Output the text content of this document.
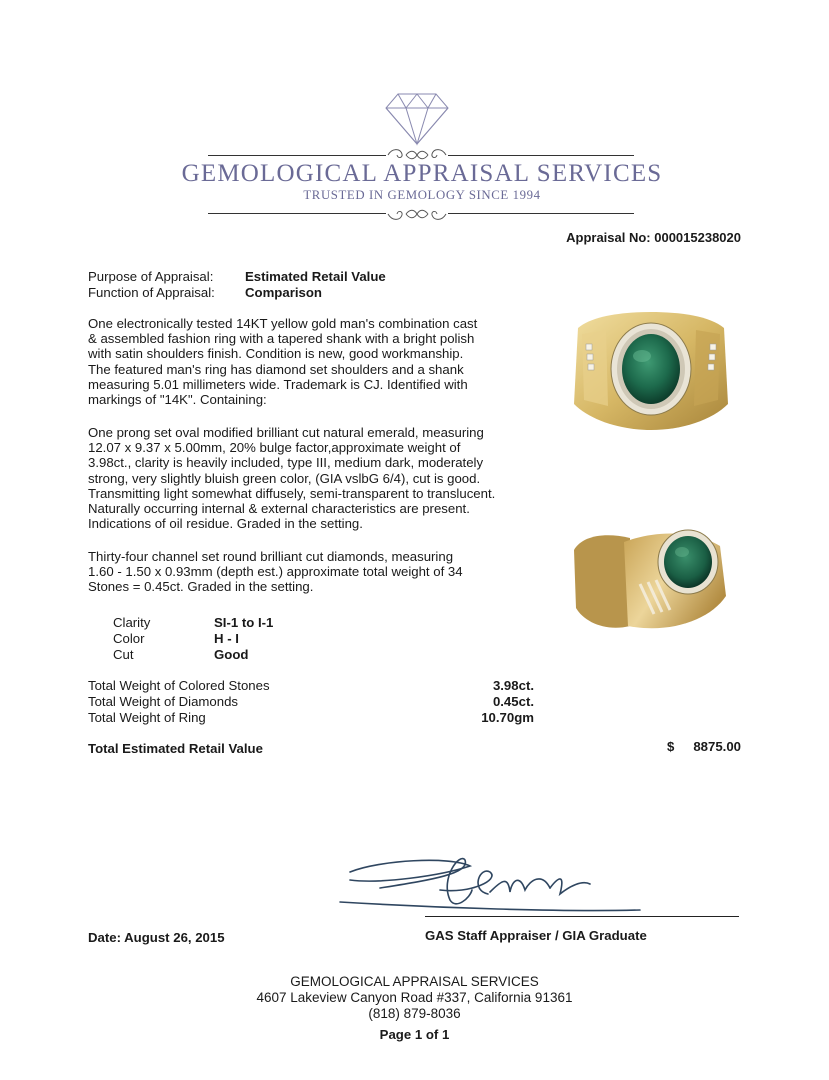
GEMOLOGICAL APPRAISAL SERVICES
TRUSTED IN GEMOLOGY SINCE 1994
Appraisal No: 000015238020
Purpose of Appraisal: Estimated Retail Value
Function of Appraisal: Comparison
One electronically tested 14KT yellow gold man's combination cast
& assembled fashion ring with a tapered shank with a bright polish
with satin shoulders finish. Condition is new, good workmanship.
The featured man's ring has diamond set shoulders and a shank
measuring 5.01 millimeters wide. Trademark is CJ. Identified with
markings of "14K". Containing:
One prong set oval modified brilliant cut natural emerald, measuring
12.07 x 9.37 x 5.00mm, 20% bulge factor,approximate weight of
3.98ct., clarity is heavily included, type III, medium dark, moderately
strong, very slightly bluish green color, (GIA vslbG 6/4), cut is good.
Transmitting light somewhat diffusely, semi-transparent to translucent.
Naturally occurring internal & external characteristics are present.
Indications of oil residue. Graded in the setting.
Thirty-four channel set round brilliant cut diamonds, measuring
1.60 - 1.50 x 0.93mm (depth est.) approximate total weight of 34
Stones = 0.45ct. Graded in the setting.
Clarity	SI-1 to I-1
Color	H - I
Cut	Good
Total Weight of Colored Stones	3.98ct.
Total Weight of Diamonds	0.45ct.
Total Weight of Ring	10.70gm
Total Estimated Retail Value	$ 8875.00
Date: August 26, 2015	GAS Staff Appraiser / GIA Graduate
GEMOLOGICAL APPRAISAL SERVICES
4607 Lakeview Canyon Road #337, California 91361
(818) 879-8036
Page 1 of 1
